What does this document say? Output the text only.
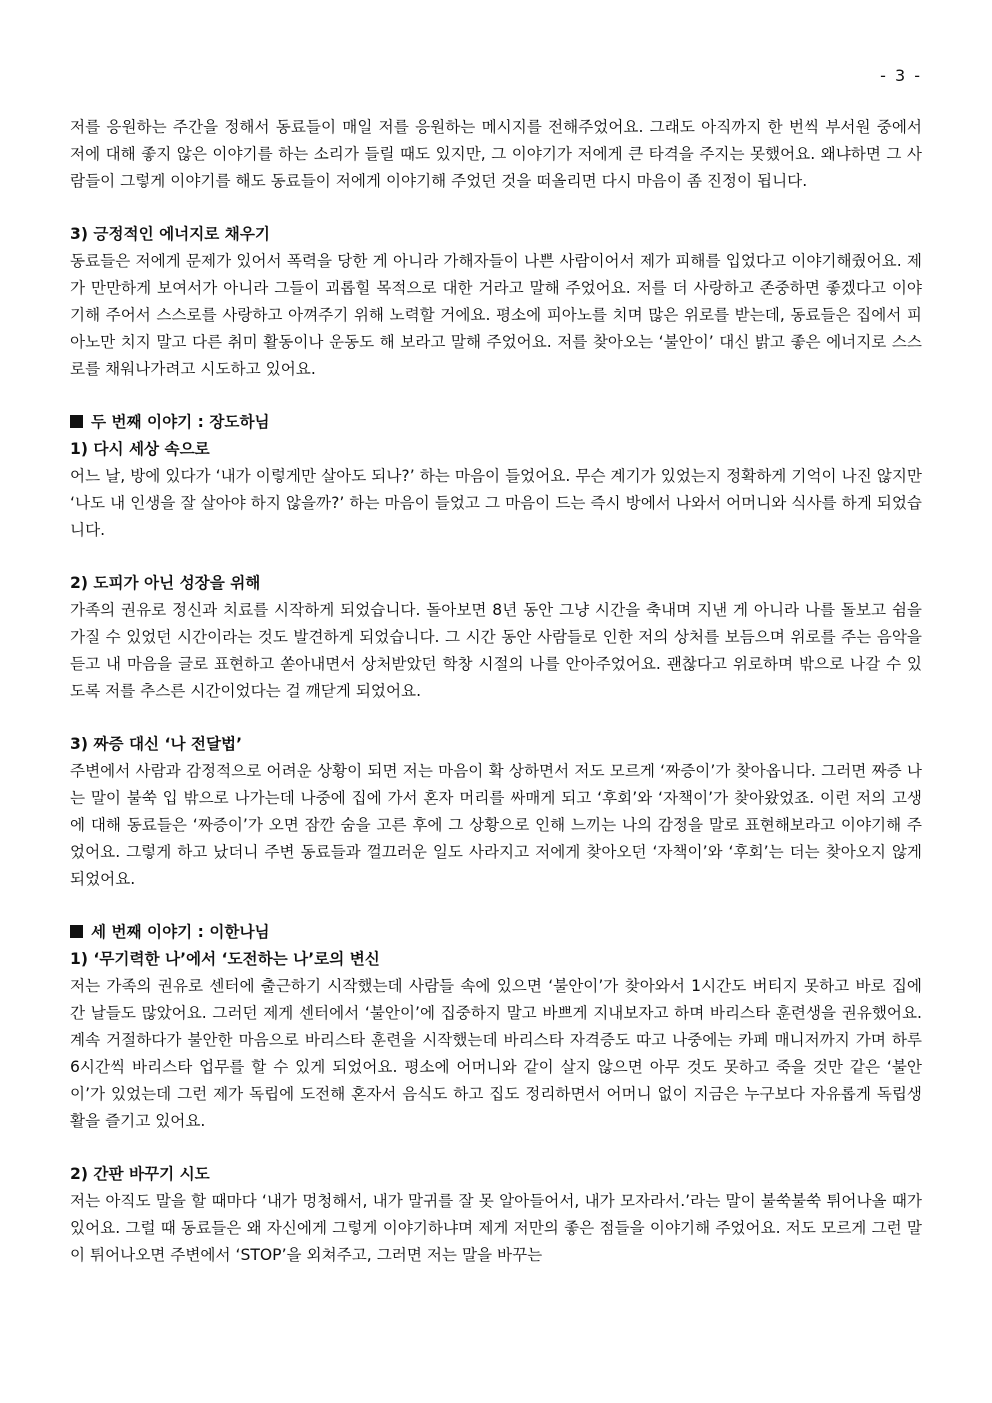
- 3 -

저를 응원하는 주간을 정해서 동료들이 매일 저를 응원하는 메시지를 전해주었어요. 그래도 아직까지 한 번씩 부서원 중에서 저에 대해 좋지 않은 이야기를 하는 소리가 들릴 때도 있지만, 그 이야기가 저에게 큰 타격을 주지는 못했어요. 왜냐하면 그 사람들이 그렇게 이야기를 해도 동료들이 저에게 이야기해 주었던 것을 떠올리면 다시 마음이 좀 진정이 됩니다.

3) 긍정적인 에너지로 채우기

동료들은 저에게 문제가 있어서 폭력을 당한 게 아니라 가해자들이 나쁜 사람이어서 제가 피해를 입었다고 이야기해줬어요. 제가 만만하게 보여서가 아니라 그들이 괴롭힐 목적으로 대한 거라고 말해 주었어요. 저를 더 사랑하고 존중하면 좋겠다고 이야기해 주어서 스스로를 사랑하고 아껴주기 위해 노력할 거에요. 평소에 피아노를 치며 많은 위로를 받는데, 동료들은 집에서 피아노만 치지 말고 다른 취미 활동이나 운동도 해 보라고 말해 주었어요. 저를 찾아오는 ‘불안이’ 대신 밝고 좋은 에너지로 스스로를 채워나가려고 시도하고 있어요.

두 번째 이야기 : 장도하님

1) 다시 세상 속으로

어느 날, 방에 있다가 ‘내가 이렇게만 살아도 되나?’ 하는 마음이 들었어요. 무슨 계기가 있었는지 정확하게 기억이 나진 않지만 ‘나도 내 인생을 잘 살아야 하지 않을까?’ 하는 마음이 들었고 그 마음이 드는 즉시 방에서 나와서 어머니와 식사를 하게 되었습니다.

2) 도피가 아닌 성장을 위해

가족의 권유로 정신과 치료를 시작하게 되었습니다. 돌아보면 8년 동안 그냥 시간을 축내며 지낸 게 아니라 나를 돌보고 쉼을 가질 수 있었던 시간이라는 것도 발견하게 되었습니다. 그 시간 동안 사람들로 인한 저의 상처를 보듬으며 위로를 주는 음악을 듣고 내 마음을 글로 표현하고 쏟아내면서 상처받았던 학창 시절의 나를 안아주었어요. 괜찮다고 위로하며 밖으로 나갈 수 있도록 저를 추스른 시간이었다는 걸 깨닫게 되었어요.

3) 짜증 대신 ‘나 전달법’

주변에서 사람과 감정적으로 어려운 상황이 되면 저는 마음이 확 상하면서 저도 모르게 ‘짜증이’가 찾아옵니다. 그러면 짜증 나는 말이 불쑥 입 밖으로 나가는데 나중에 집에 가서 혼자 머리를 싸매게 되고 ‘후회’와 ‘자책이’가 찾아왔었죠. 이런 저의 고생에 대해 동료들은 ‘짜증이’가 오면 잠깐 숨을 고른 후에 그 상황으로 인해 느끼는 나의 감정을 말로 표현해보라고 이야기해 주었어요. 그렇게 하고 났더니 주변 동료들과 껄끄러운 일도 사라지고 저에게 찾아오던 ‘자책이’와 ‘후회’는 더는 찾아오지 않게 되었어요.

세 번째 이야기 : 이한나님

1) ‘무기력한 나’에서 ‘도전하는 나’로의 변신

저는 가족의 권유로 센터에 출근하기 시작했는데 사람들 속에 있으면 ‘불안이’가 찾아와서 1시간도 버티지 못하고 바로 집에 간 날들도 많았어요. 그러던 제게 센터에서 ‘불안이’에 집중하지 말고 바쁘게 지내보자고 하며 바리스타 훈련생을 권유했어요. 계속 거절하다가 불안한 마음으로 바리스타 훈련을 시작했는데 바리스타 자격증도 따고 나중에는 카페 매니저까지 가며 하루 6시간씩 바리스타 업무를 할 수 있게 되었어요. 평소에 어머니와 같이 살지 않으면 아무 것도 못하고 죽을 것만 같은 ‘불안이’가 있었는데 그런 제가 독립에 도전해 혼자서 음식도 하고 집도 정리하면서 어머니 없이 지금은 누구보다 자유롭게 독립생활을 즐기고 있어요.

2) 간판 바꾸기 시도

저는 아직도 말을 할 때마다 ‘내가 멍청해서, 내가 말귀를 잘 못 알아들어서, 내가 모자라서.’라는 말이 불쑥불쑥 튀어나올 때가 있어요. 그럴 때 동료들은 왜 자신에게 그렇게 이야기하냐며 제게 저만의 좋은 점들을 이야기해 주었어요. 저도 모르게 그런 말이 튀어나오면 주변에서 ‘STOP’을 외쳐주고, 그러면 저는 말을 바꾸는
